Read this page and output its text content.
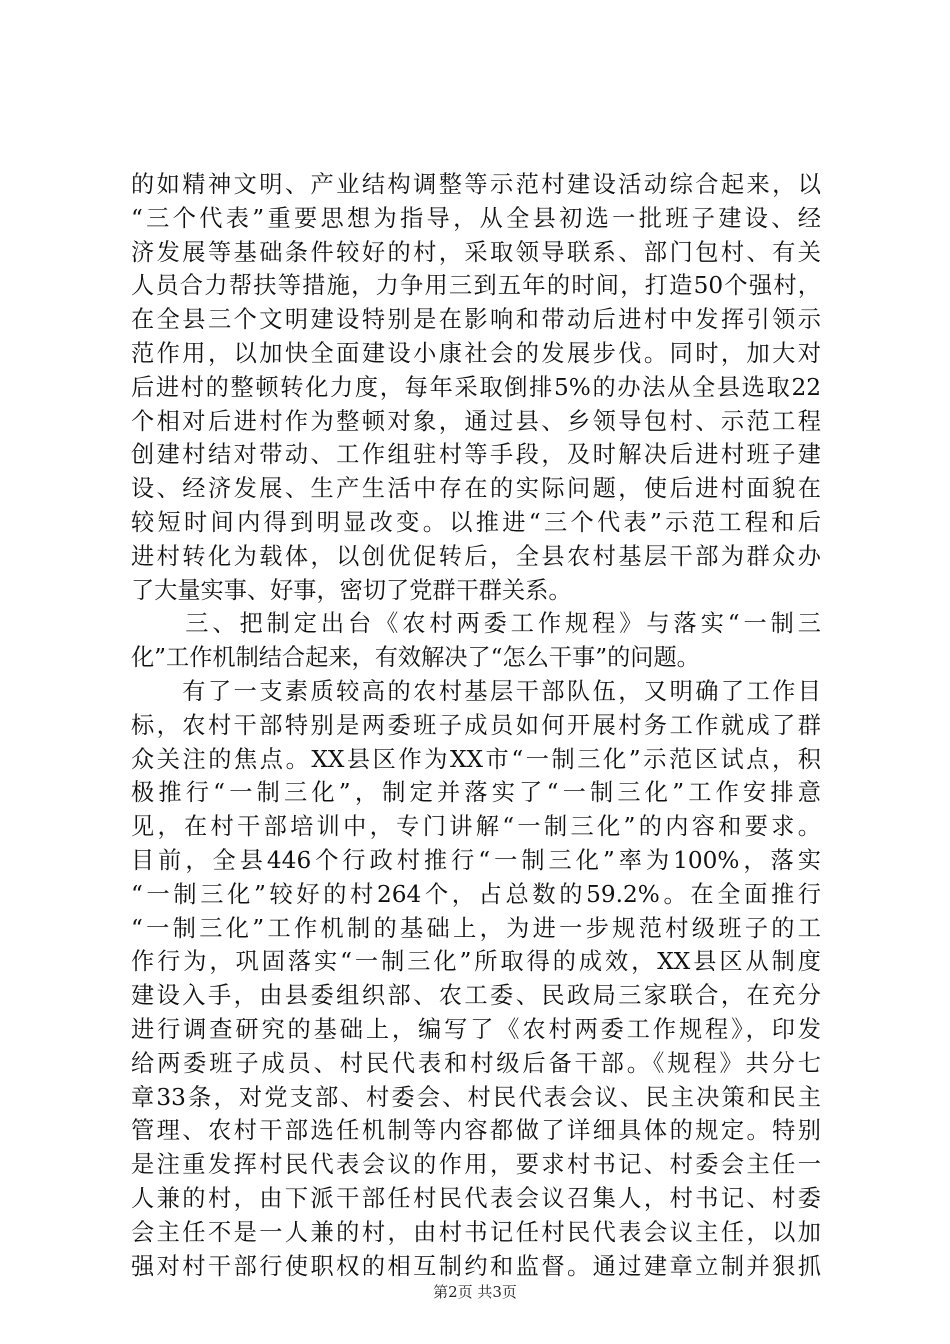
的如精神文明、产业结构调整等示范村建设活动综合起来，以
“三个代表”重要思想为指导，从全县初选一批班子建设、经
济发展等基础条件较好的村，采取领导联系、部门包村、有关
人员合力帮扶等措施，力争用三到五年的时间，打造50个强村，
在全县三个文明建设特别是在影响和带动后进村中发挥引领示
范作用，以加快全面建设小康社会的发展步伐。同时，加大对
后进村的整顿转化力度，每年采取倒排5%的办法从全县选取22
个相对后进村作为整顿对象，通过县、乡领导包村、示范工程
创建村结对带动、工作组驻村等手段，及时解决后进村班子建
设、经济发展、生产生活中存在的实际问题，使后进村面貌在
较短时间内得到明显改变。以推进“三个代表”示范工程和后
进村转化为载体，以创优促转后，全县农村基层干部为群众办
了大量实事、好事，密切了党群干群关系。
　　三、把制定出台《农村两委工作规程》与落实“一制三
化”工作机制结合起来，有效解决了“怎么干事”的问题。
　　有了一支素质较高的农村基层干部队伍，又明确了工作目
标，农村干部特别是两委班子成员如何开展村务工作就成了群
众关注的焦点。XX县区作为XX市“一制三化”示范区试点，积
极推行“一制三化”，制定并落实了“一制三化”工作安排意
见，在村干部培训中，专门讲解“一制三化”的内容和要求。
目前，全县446个行政村推行“一制三化”率为100%，落实
“一制三化”较好的村264个，占总数的59.2%。在全面推行
“一制三化”工作机制的基础上，为进一步规范村级班子的工
作行为，巩固落实“一制三化”所取得的成效，XX县区从制度
建设入手，由县委组织部、农工委、民政局三家联合，在充分
进行调查研究的基础上，编写了《农村两委工作规程》，印发
给两委班子成员、村民代表和村级后备干部。《规程》共分七
章33条，对党支部、村委会、村民代表会议、民主决策和民主
管理、农村干部选任机制等内容都做了详细具体的规定。特别
是注重发挥村民代表会议的作用，要求村书记、村委会主任一
人兼的村，由下派干部任村民代表会议召集人，村书记、村委
会主任不是一人兼的村，由村书记任村民代表会议主任，以加
强对村干部行使职权的相互制约和监督。通过建章立制并狠抓
第2页 共3页
